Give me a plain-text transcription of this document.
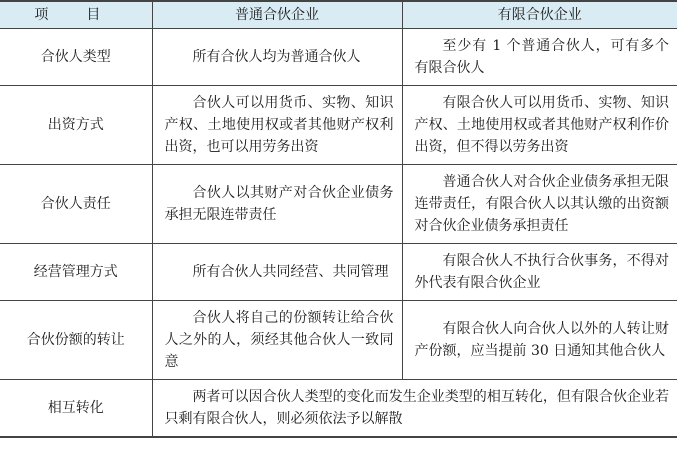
项 目	普通合伙企业	有限合伙企业
合伙人类型	所有合伙人均为普通合伙人	至少有 1 个普通合伙人，可有多个有限合伙人
出资方式	合伙人可以用货币、实物、知识产权、土地使用权或者其他财产权利出资，也可以用劳务出资	有限合伙人可以用货币、实物、知识产权、土地使用权或者其他财产权利作价出资，但不得以劳务出资
合伙人责任	合伙人以其财产对合伙企业债务承担无限连带责任	普通合伙人对合伙企业债务承担无限连带责任，有限合伙人以其认缴的出资额对合伙企业债务承担责任
经营管理方式	所有合伙人共同经营、共同管理	有限合伙人不执行合伙事务，不得对外代表有限合伙企业
合伙份额的转让	合伙人将自己的份额转让给合伙人之外的人，须经其他合伙人一致同意	有限合伙人向合伙人以外的人转让财产份额，应当提前 30 日通知其他合伙人
相互转化	两者可以因合伙人类型的变化而发生企业类型的相互转化，但有限合伙企业若只剩有限合伙人，则必须依法予以解散	
